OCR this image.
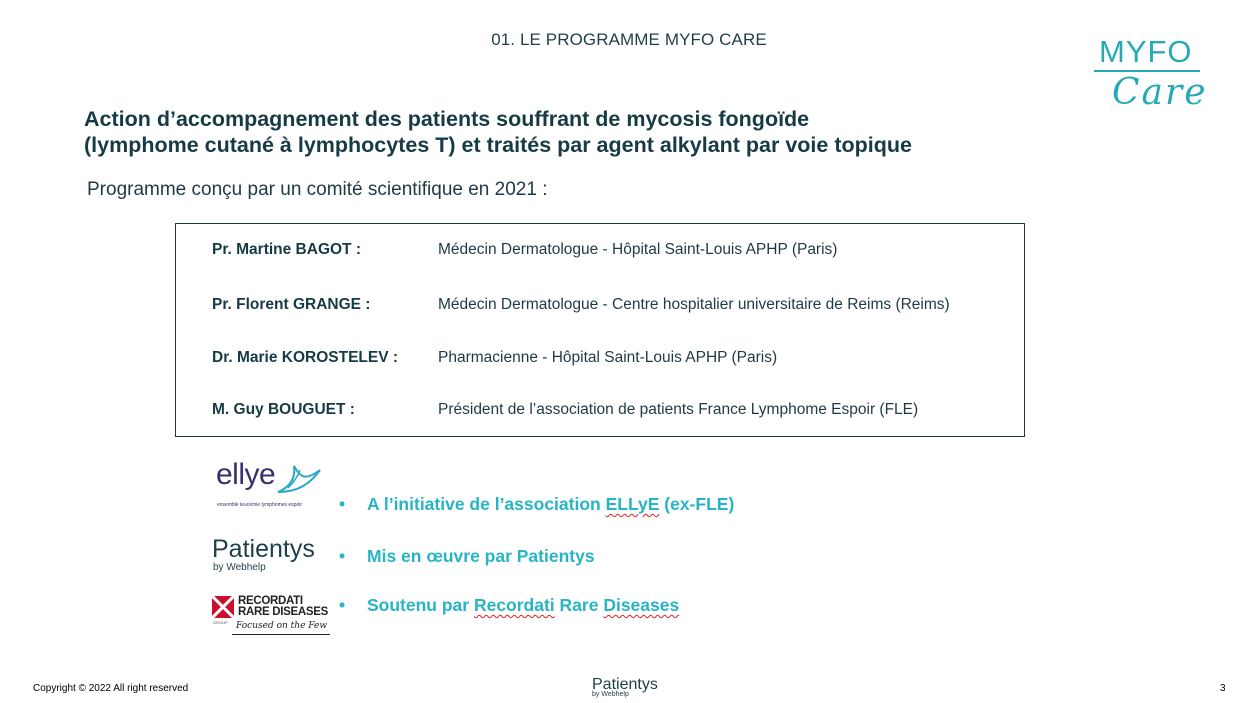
01. LE PROGRAMME MYFO CARE	MYFO
Care
Action d’accompagnement des patients souffrant de mycosis fongoïde
(lymphome cutané à lymphocytes T) et traités par agent alkylant par voie topique
Programme conçu par un comité scientifique en 2021 :
Pr. Martine BAGOT :	Médecin Dermatologue - Hôpital Saint-Louis APHP (Paris)
Pr. Florent GRANGE :	Médecin Dermatologue - Centre hospitalier universitaire de Reims (Reims)
Dr. Marie KOROSTELEV :	Pharmacienne - Hôpital Saint-Louis APHP (Paris)
M. Guy BOUGUET :	Président de l’association de patients France Lymphome Espoir (FLE)
ellye
ensemble leucémie lymphomes espoir • A l’initiative de l’association ELLyE (ex-FLE)
Patientys
by Webhelp
• Mis en œuvre par Patientys
RECORDATI
RARE DISEASES
GROUP Focused on the Few
• Soutenu par Recordati Rare Diseases
Copyright © 2022 All right reserved	Patientys
by Webhelp
3
